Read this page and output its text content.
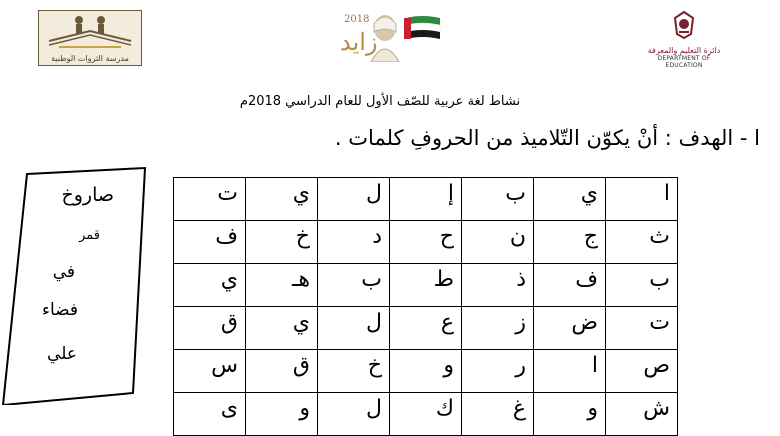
مدرسة الثروات الوطنية
2018
زايد	دائرة التعليم والمعرفة
DEPARTMENT OF EDUCATION
نشاط لغة عربية للصّف الأول للعام الدراسي 2018م
ا - الهدف : أنْ يكوّن التّلاميذ من الحروفِ كلمات .
صاروخ
قمر
في
فضاء
علي
ا	ي	ب	إ	ل	ي	ت
ث	ج	ن	ح	د	خ	ف
ب	ف	ذ	ط	ب	هـ	ي
ت	ض	ز	ع	ل	ي	ق
ص	ا	ر	و	خ	ق	س
ش	و	غ	ك	ل	و	ى
